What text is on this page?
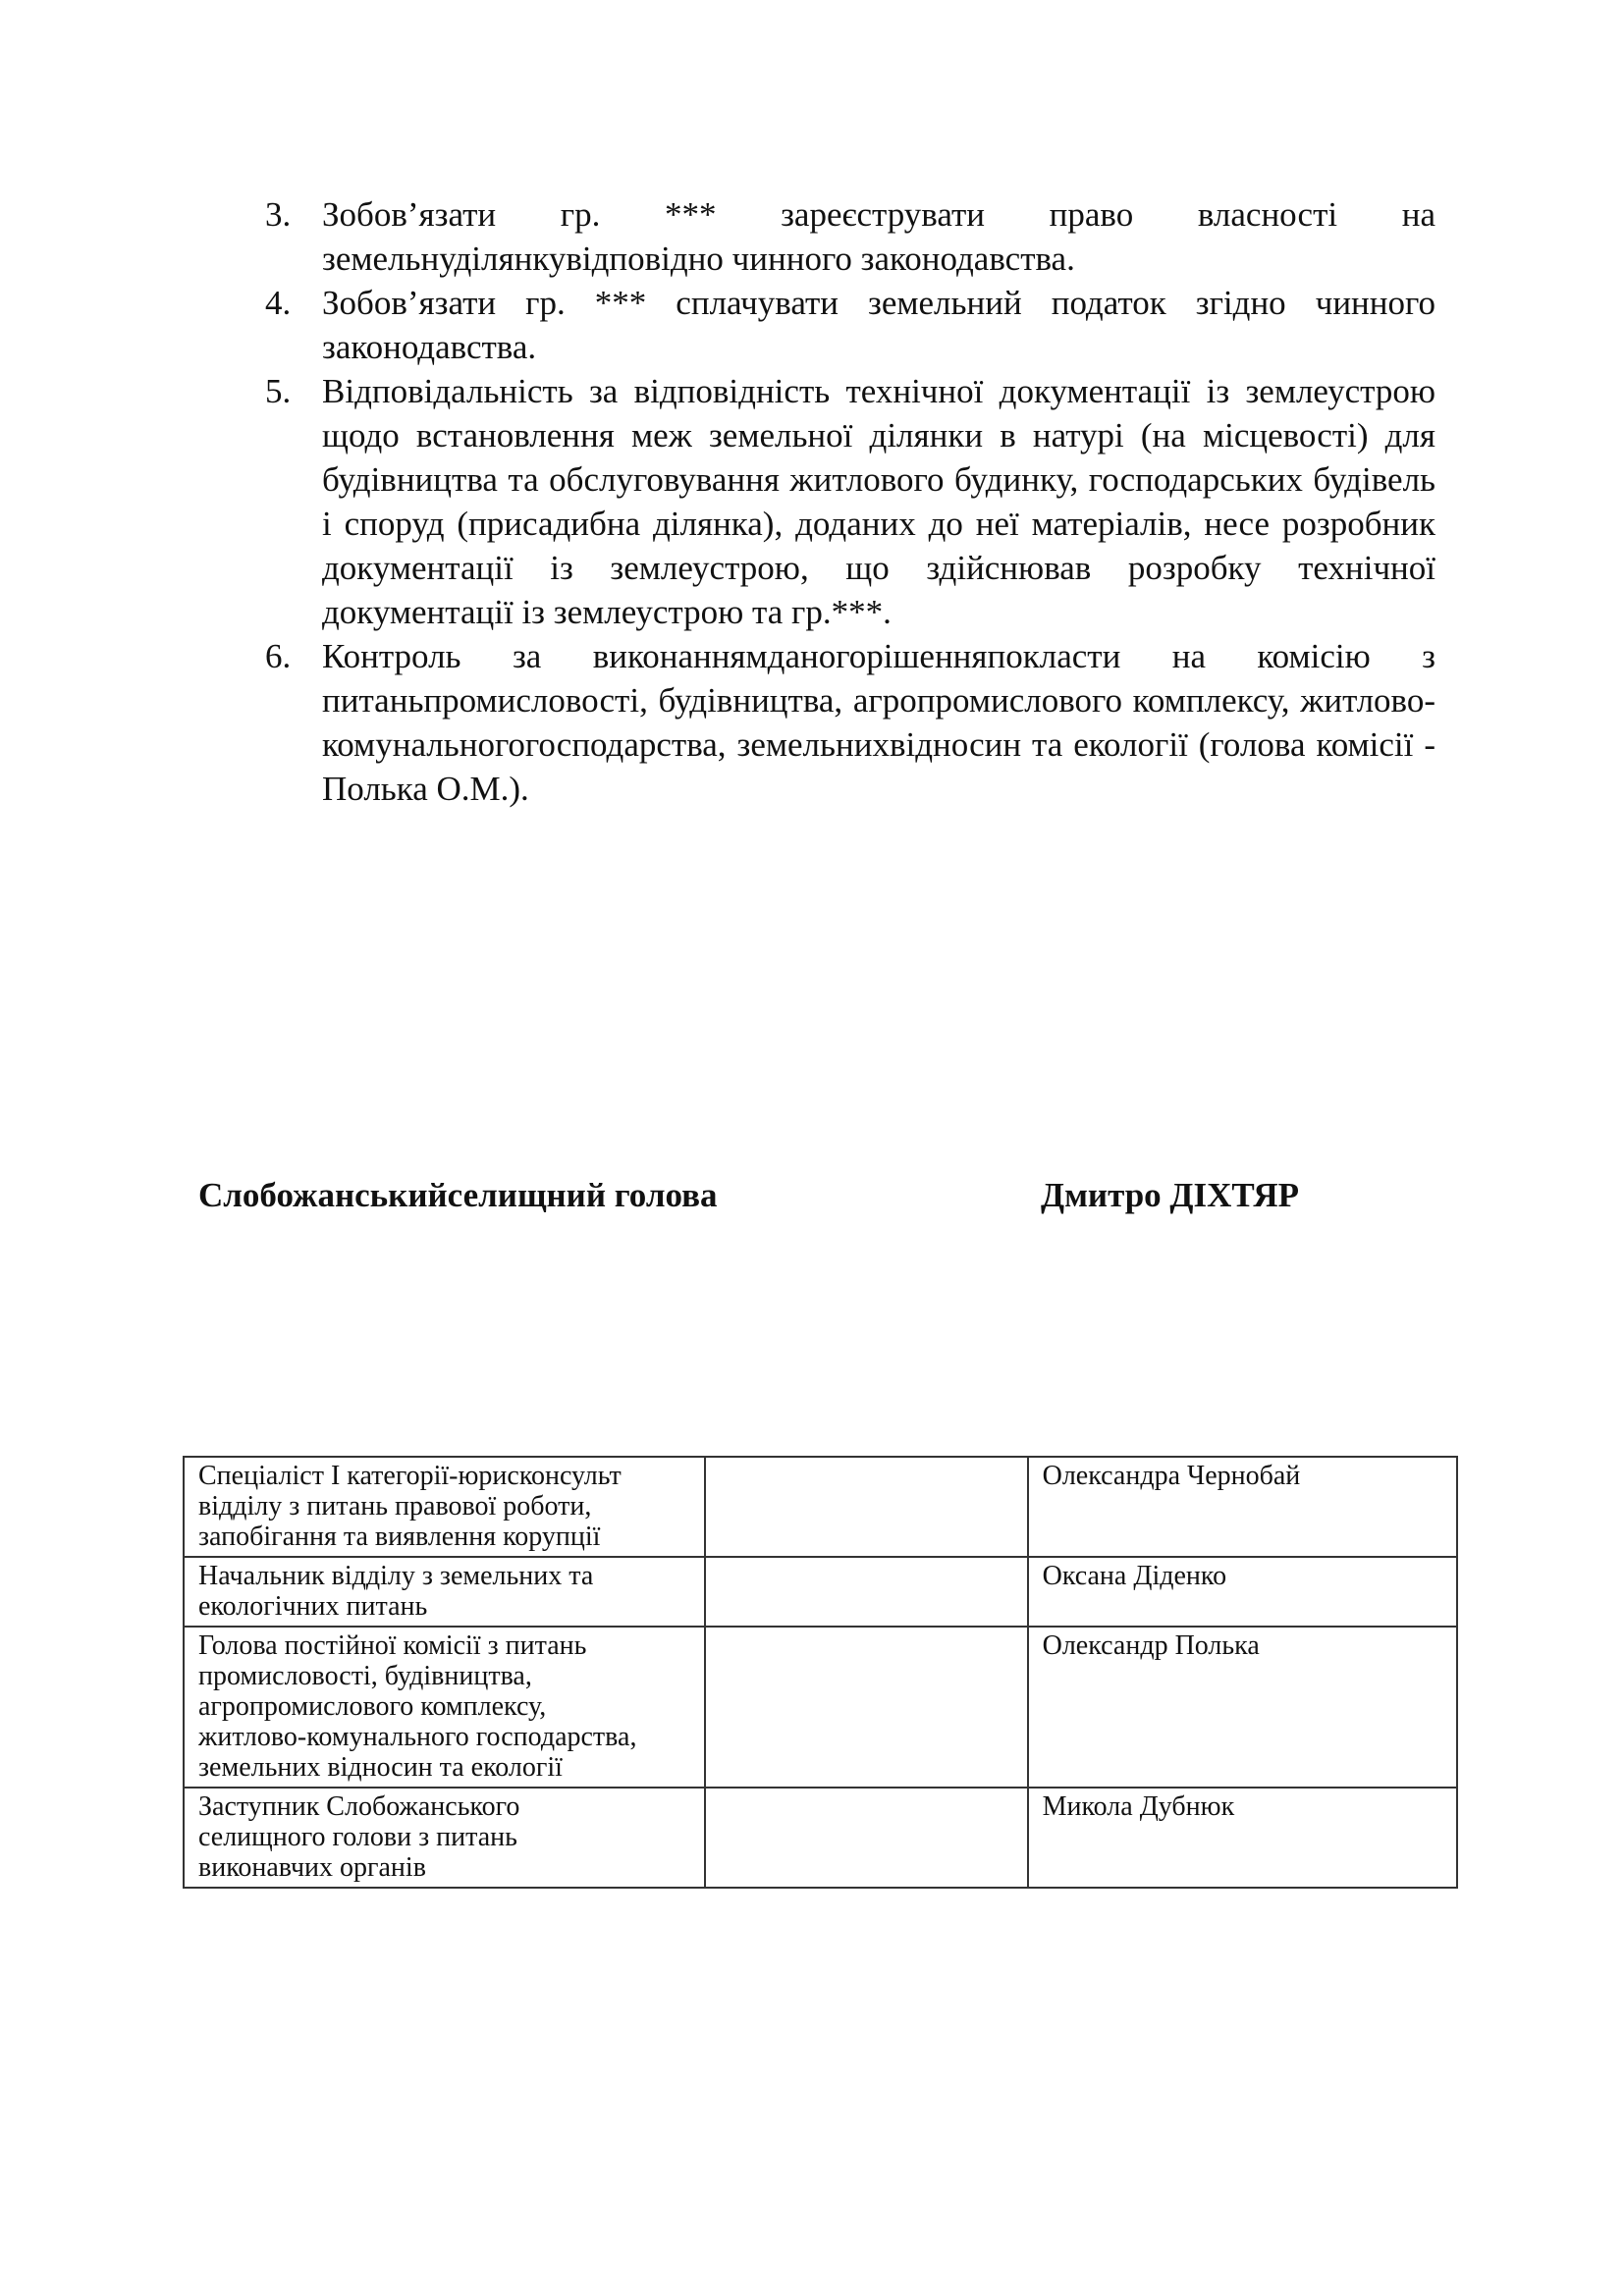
3. Зобов’язати гр. *** зареєструвати право власності на земельнуділянкувідповідно чинного законодавства.
4. Зобов’язати гр. *** сплачувати земельний податок згідно чинного законодавства.
5. Відповідальність за відповідність технічної документації із землеустрою щодо встановлення меж земельної ділянки в натурі (на місцевості) для будівництва та обслуговування житлового будинку, господарських будівель і споруд (присадибна ділянка), доданих до неї матеріалів, несе розробник документації із землеустрою, що здійснював розробку технічної документації із землеустрою та гр.***.
6. Контроль за виконаннямданогорішенняпокласти на комісію з питаньпромисловості, будівництва, агропромислового комплексу, житлово-комунальногогосподарства, земельнихвідносин та екології (голова комісії - Полька О.М.).
Слобожанськийселищний голова	Дмитро ДІХТЯР
Спеціаліст І категорії-юрисконсульт
відділу з питань правової роботи,
запобігання та виявлення корупції		Олександра Чернобай
Начальник відділу з земельних та
екологічних питань		Оксана Діденко
Голова постійної комісії з питань
промисловості, будівництва,
агропромислового комплексу,
житлово-комунального господарства,
земельних відносин та екології		Олександр Полька
Заступник Слобожанського
селищного голови з питань
виконавчих органів		Микола Дубнюк
